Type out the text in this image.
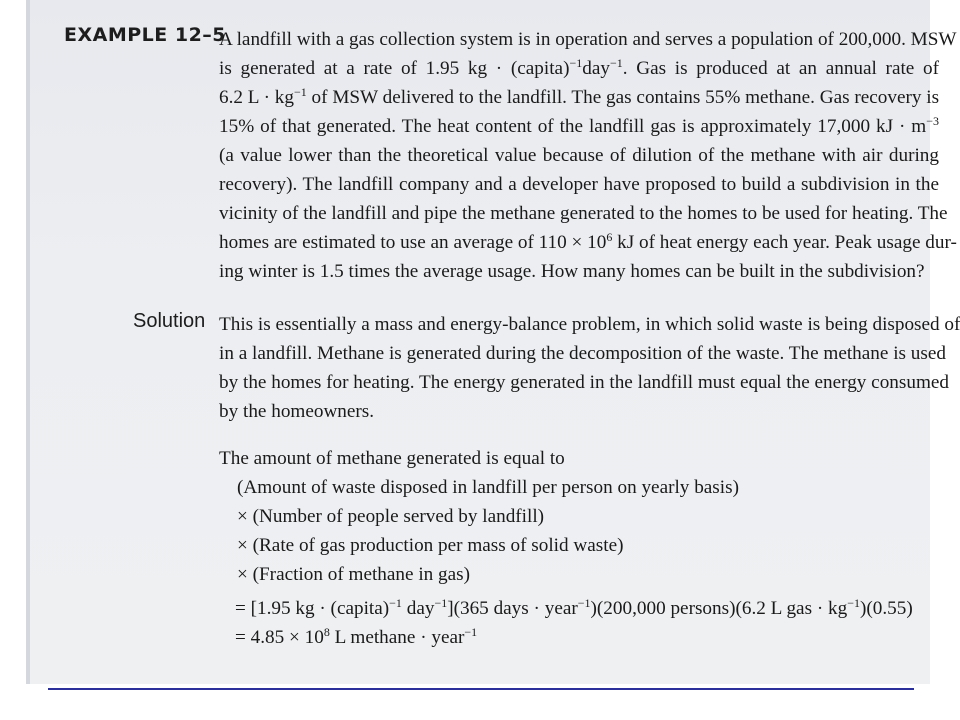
EXAMPLE 12–5
A landfill with a gas collection system is in operation and serves a population of 200,000. MSW
is generated at a rate of 1.95 kg · (capita)$^{-1}$day$^{-1}$. Gas is produced at an annual rate of
6.2 $L \cdot kg^{-1}$ of MSW delivered to the landfill. The gas contains 55% methane. Gas recovery is
15% of that generated. The heat content of the landfill gas is approximately 17,000 kJ · $m^{-3}$
(a value lower than the theoretical value because of dilution of the methane with air during
recovery). The landfill company and a developer have proposed to build a subdivision in the
vicinity of the landfill and pipe the methane generated to the homes to be used for heating. The
homes are estimated to use an average of $110 \times 10^6$ kJ of heat energy each year. Peak usage dur-
ing winter is 1.5 times the average usage. How many homes can be built in the subdivision?
Solution This is essentially a mass and energy-balance problem, in which solid waste is being disposed of
in a landfill. Methane is generated during the decomposition of the waste. The methane is used
by the homes for heating. The energy generated in the landfill must equal the energy consumed
by the homeowners.
The amount of methane generated is equal to
(Amount of waste disposed in landfill per person on yearly basis)
× (Number of people served by landfill)
× (Rate of gas production per mass of solid waste)
× (Fraction of methane in gas)
= [1.95 kg · (capita)$^{-1}$ day$^{-1}$](365 days · year$^{-1}$)(200,000 persons)(6.2 L gas · $kg^{-1})(0.55)$
= $4.85 \times 10^8$ L methane · year$^{-1}$
